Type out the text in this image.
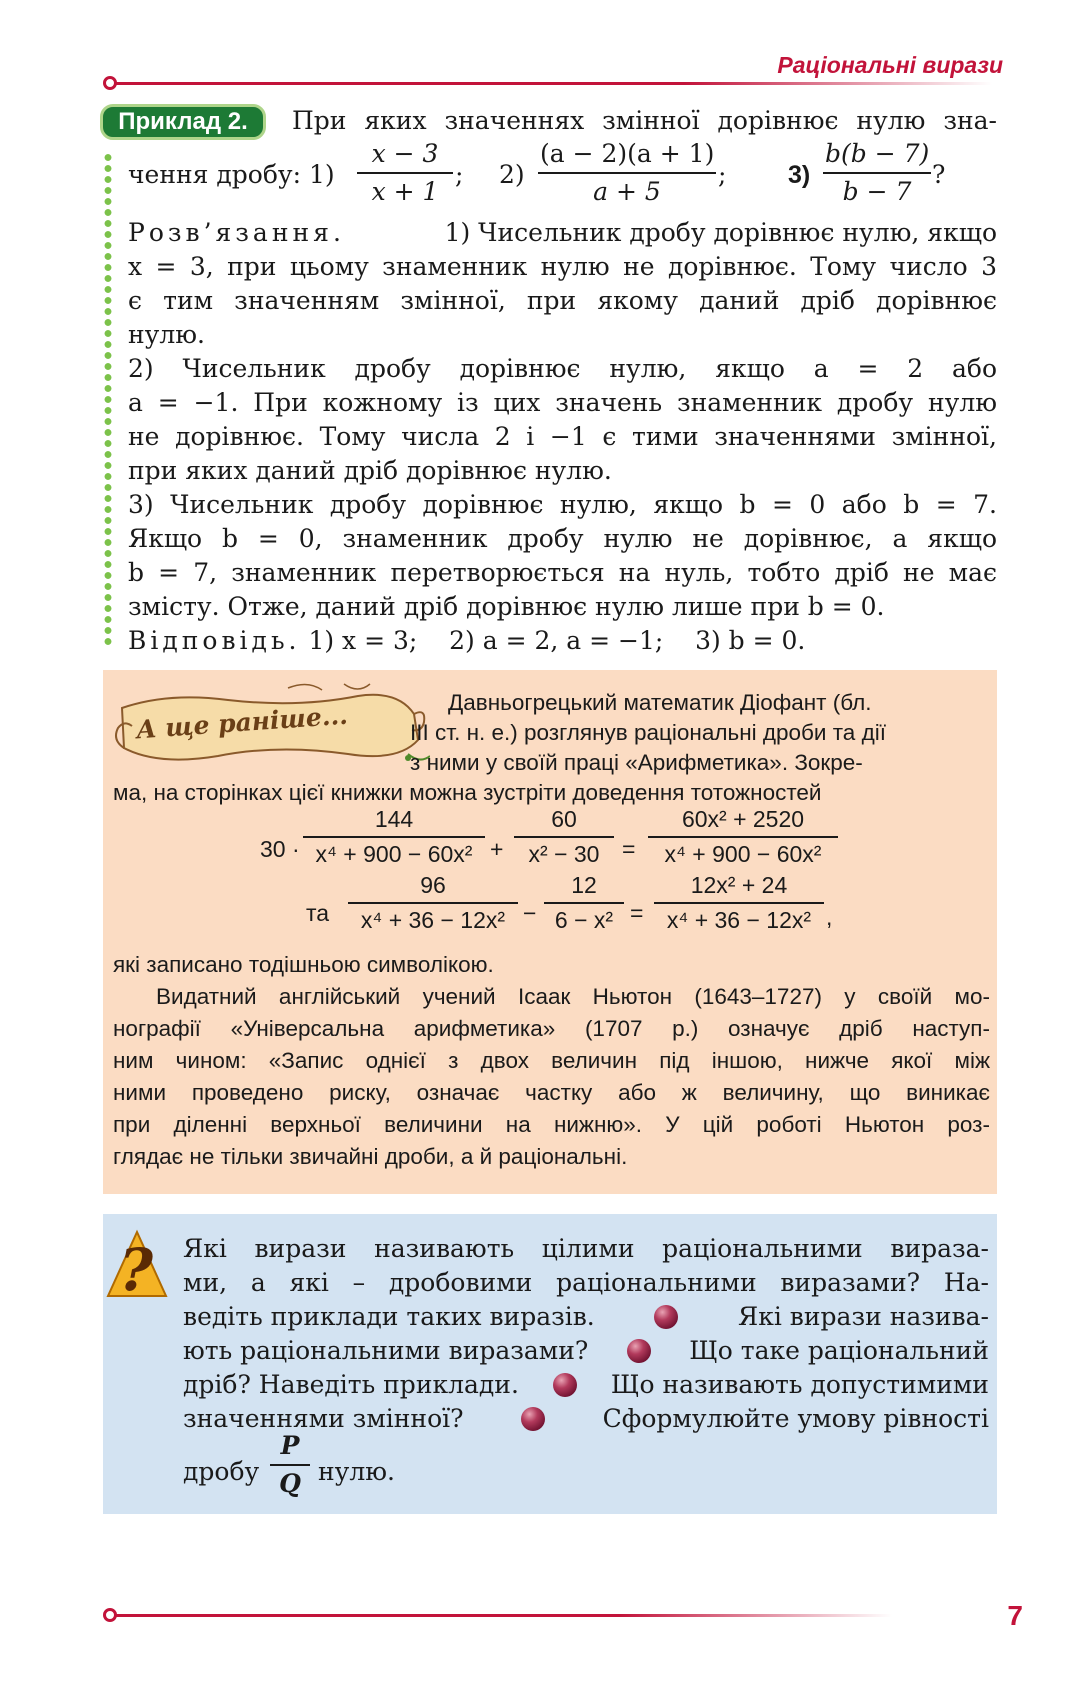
Раціональні вирази
Приклад 2.	При яких значеннях змінної дорівнює нулю зна-
чення дробу: $1) \frac{x - 3}{x + 1}$ ; $2) \frac{(a - 2)(a + 1)}{a + 5}$ ; $3) \frac{b(b - 7)}{b - 7}$ ?
Розв’язання.	1) Чисельник дробу дорівнює нулю, якщо
x = 3, при цьому знаменник нулю не дорівнює. Тому число 3
є тим значенням змінної, при якому даний дріб дорівнює
нулю.
2) Чисельник дробу дорівнює нулю, якщо a = 2 або
a = −1. При кожному із цих значень знаменник дробу нулю
не дорівнює. Тому числа 2 і −1 є тими значеннями змінної,
при яких даний дріб дорівнює нулю.
3) Чисельник дробу дорівнює нулю, якщо b = 0 або b = 7.
Якщо b = 0, знаменник дробу нулю не дорівнює, а якщо
b = 7, знаменник перетворюється на нуль, тобто дріб не має
змісту. Отже, даний дріб дорівнює нулю лише при b = 0.
Відповідь. 1) x = 3;    2) a = 2, a = −1;    3) b = 0.
А ще раніше...	Давньогрецький математик Діофант (бл.
ІІІ ст. н. е.) розглянув раціональні дроби та дії
з ними у своїй праці «Арифметика». Зокре-
ма, на сторінках цієї книжки можна зустріти доведення тотожностей
$30 \cdot \frac{144}{\text{x⁴ + 900 − 60x²}} + \frac{60}{\text{x² − 30}} = \frac{\text{60x² + 2520}}{\text{x⁴ + 900 − 60x²}}$
та $\frac{96}{\text{x⁴ + 36 − 12x²}} - \frac{12}{\text{6 − x²}} = \frac{\text{12x² + 24}}{\text{x⁴ + 36 − 12x²}}$ ,
які записано тодішньою символікою.
Видатний англійський учений Ісаак Ньютон (1643–1727) у своїй мо-
нографії «Універсальна арифметика» (1707 р.) означує дріб наступ-
ним чином: «Запис однієї з двох величин під іншою, нижче якої між
ними проведено риску, означає частку або ж величину, що виникає
при діленні верхньої величини на нижню». У цій роботі Ньютон роз-
глядає не тільки звичайні дроби, а й раціональні.
? Які вирази називають цілими раціональними вираза-
ми, а які – дробовими раціональними виразами? На-
ведіть приклади таких виразів.	Які вирази назива-
ють раціональними виразами?	Що таке раціональний
дріб? Наведіть приклади.	Що називають допустимими
значеннями змінної?	Сформулюйте умову рівності
дробу $\frac{P}{Q}$ нулю.
7
